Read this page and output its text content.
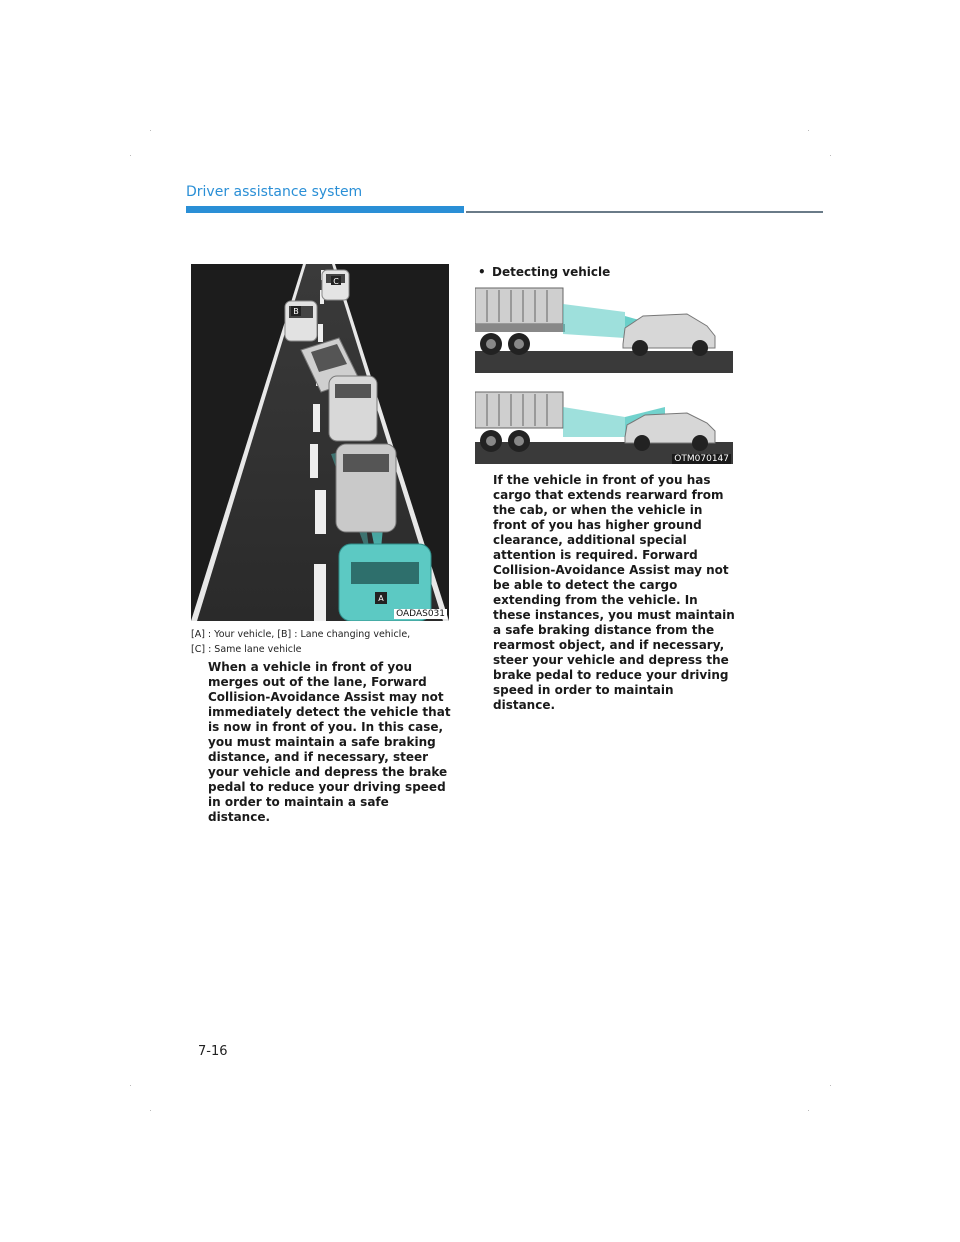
Driver assistance system
C
B
A
OADAS031
[A] : Your vehicle, [B] : Lane changing vehicle,
[C] : Same lane vehicle
When a vehicle in front of you merges out of the lane, Forward Collision-Avoidance Assist may not immediately detect the vehicle that is now in front of you. In this case, you must maintain a safe braking distance, and if necessary, steer your vehicle and depress the brake pedal to reduce your driving speed in order to maintain a safe distance.
• Detecting vehicle
OTM070147
If the vehicle in front of you has cargo that extends rearward from the cab, or when the vehicle in front of you has higher ground clearance, additional special attention is required. Forward Collision-Avoidance Assist may not be able to detect the cargo extending from the vehicle. In these instances, you must maintain a safe braking distance from the rearmost object, and if necessary, steer your vehicle and depress the brake pedal to reduce your driving speed in order to maintain distance.
7-16
